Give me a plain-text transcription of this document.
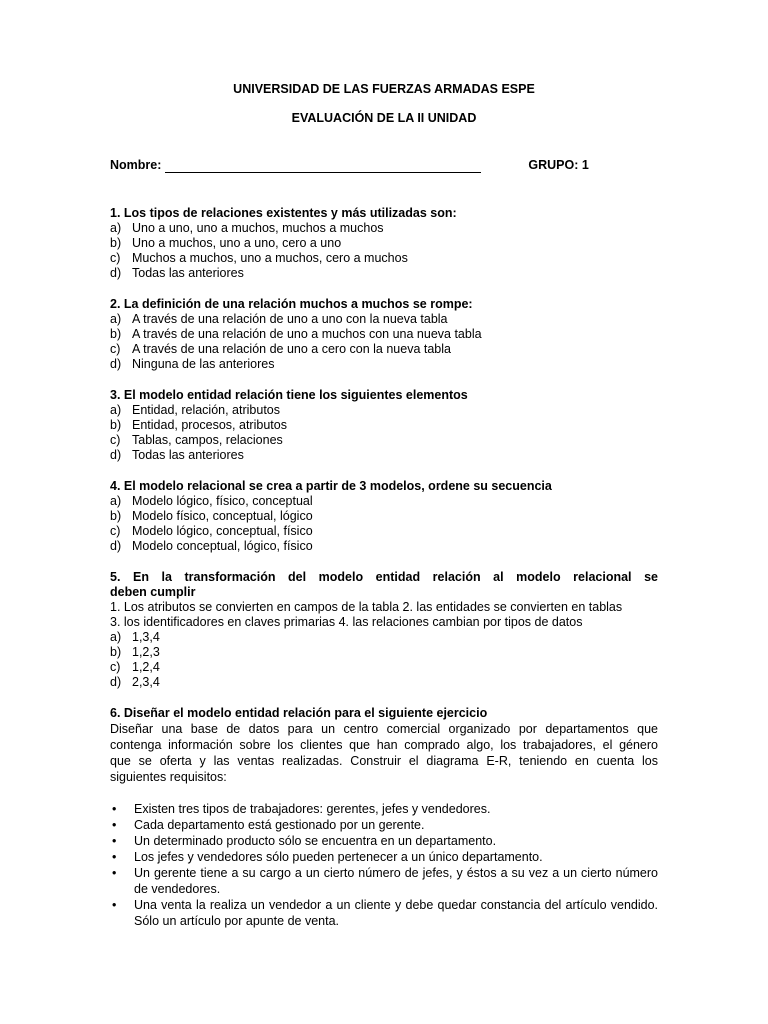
UNIVERSIDAD DE LAS FUERZAS ARMADAS ESPE
EVALUACIÓN DE LA II UNIDAD
Nombre:	GRUPO: 1
1. Los tipos de relaciones existentes y más utilizadas son:
a) Uno a uno, uno a muchos, muchos a muchos
b) Uno a muchos, uno a uno, cero a uno
c) Muchos a muchos, uno a muchos, cero a muchos
d) Todas las anteriores
2. La definición de una relación muchos a muchos se rompe:
a) A través de una relación de uno a uno con la nueva tabla
b) A través de una relación de uno a muchos con una nueva tabla
c) A través de una relación de uno a cero con la nueva tabla
d) Ninguna de las anteriores
3. El modelo entidad relación tiene los siguientes elementos
a) Entidad, relación, atributos
b) Entidad, procesos, atributos
c) Tablas, campos, relaciones
d) Todas las anteriores
4. El modelo relacional se crea a partir de 3 modelos, ordene su secuencia
a) Modelo lógico, físico, conceptual
b) Modelo físico, conceptual, lógico
c) Modelo lógico, conceptual, físico
d) Modelo conceptual, lógico, físico
5. En la transformación del modelo entidad relación al modelo relacional se
deben cumplir
1. Los atributos se convierten en campos de la tabla 2. las entidades se convierten en tablas
3. los identificadores en claves primarias 4. las relaciones cambian por tipos de datos
a) 1,3,4
b) 1,2,3
c) 1,2,4
d) 2,3,4
6. Diseñar el modelo entidad relación para el siguiente ejercicio
Diseñar una base de datos para un centro comercial organizado por departamentos que
contenga información sobre los clientes que han comprado algo, los trabajadores, el género
que se oferta y las ventas realizadas. Construir el diagrama E-R, teniendo en cuenta los
siguientes requisitos:
•	Existen tres tipos de trabajadores: gerentes, jefes y vendedores.
•	Cada departamento está gestionado por un gerente.
•	Un determinado producto sólo se encuentra en un departamento.
•	Los jefes y vendedores sólo pueden pertenecer a un único departamento.
•	Un gerente tiene a su cargo a un cierto número de jefes, y éstos a su vez a un cierto número de vendedores.
•	Una venta la realiza un vendedor a un cliente y debe quedar constancia del artículo vendido. Sólo un artículo por apunte de venta.
